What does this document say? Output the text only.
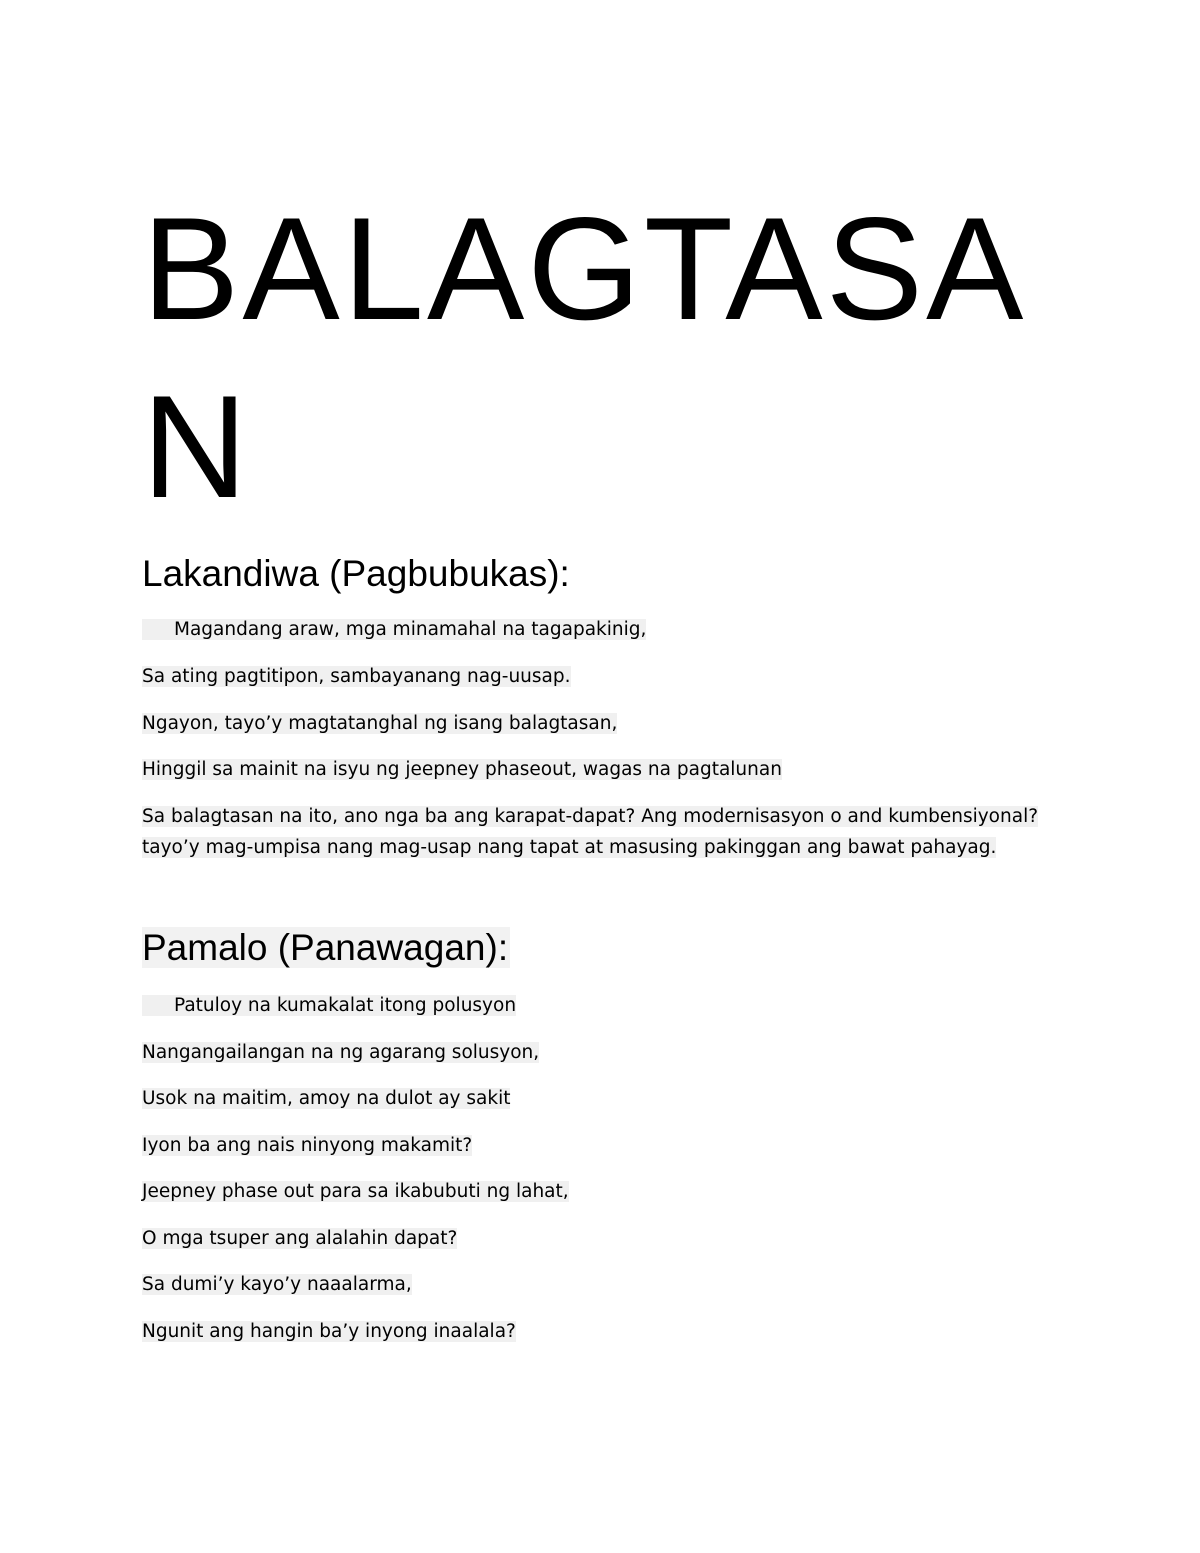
BALAGTASAN
Lakandiwa (Pagbubukas):

Magandang araw, mga minamahal na tagapakinig,

Sa ating pagtitipon, sambayanang nag-uusap.

Ngayon, tayo’y magtatanghal ng isang balagtasan,

Hinggil sa mainit na isyu ng jeepney phaseout, wagas na pagtalunan

Sa balagtasan na ito, ano nga ba ang karapat-dapat? Ang modernisasyon o and kumbensiyonal? tayo’y mag-umpisa nang mag-usap nang tapat at masusing pakinggan ang bawat pahayag.

Pamalo (Panawagan):

Patuloy na kumakalat itong polusyon

Nangangailangan na ng agarang solusyon,

Usok na maitim, amoy na dulot ay sakit

Iyon ba ang nais ninyong makamit?

Jeepney phase out para sa ikabubuti ng lahat,

O mga tsuper ang alalahin dapat?

Sa dumi’y kayo’y naaalarma,

Ngunit ang hangin ba’y inyong inaalala?
